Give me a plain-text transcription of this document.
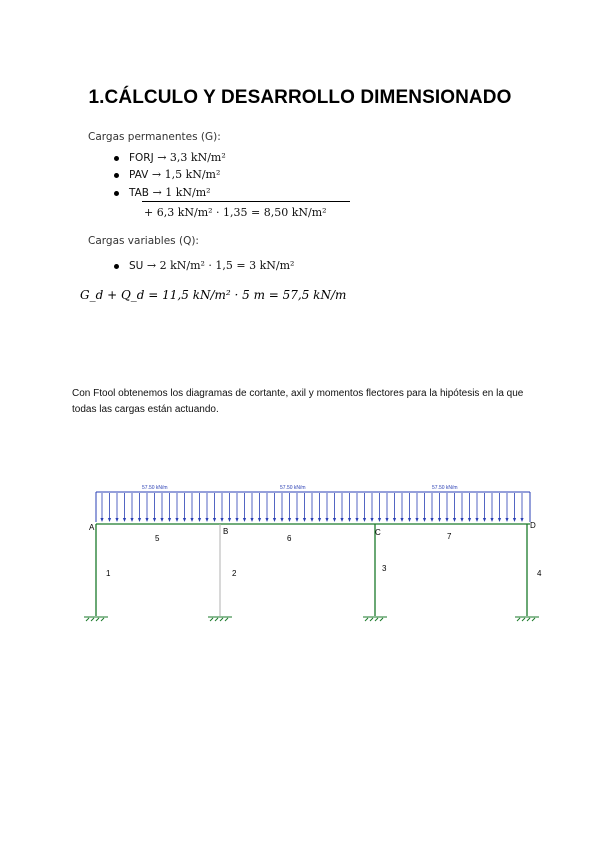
1.CÁLCULO Y DESARROLLO DIMENSIONADO
Cargas permanentes (G):
FORJ → 3,3 kN/m²
PAV → 1,5 kN/m²
TAB → 1 kN/m²
+ 6,3 kN/m² · 1,35 = 8,50 kN/m²
Cargas variables (Q):
SU → 2 kN/m² · 1,5 = 3 kN/m²
G_d + Q_d = 11,5 kN/m² · 5 m = 57,5 kN/m
Con Ftool obtenemos los diagramas de cortante, axil y momentos flectores para la hipótesis en la que todas las cargas están actuando.
57.50 kN/m	57.50 kN/m	57.50 kN/m
A	B	C
D
5	6	7
1	2
3
4
